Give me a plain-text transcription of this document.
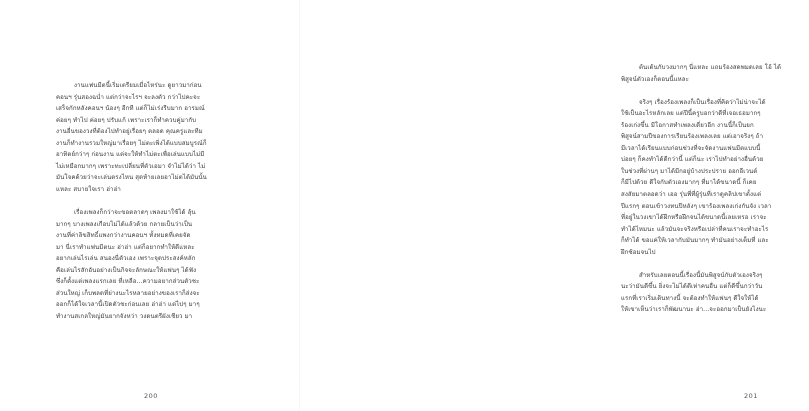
งานแฟนมีตนี้เริ่มเตรียมเมื่อไหร่นะ ดูยาวมาก่อน
คอนฯ รุ่นสองฉน่ำ แต่กว่าจะไรฯ จะลงตัว กว่าไปคะจะ
เสร็จกักหลังคอนฯ น้องๆ อีกที แต่ก็ไม่เร่งรีบมาก อารมณ์
ค่อยๆ ทำไป ค่อยๆ ปรับแก้ เพราะเราก็ทำควบคู่มากับ
งานอื่นของวงที่ต้องไปทำอยู่เรื่อยๆ ตลอด คุณครูและทีม
งานก็ทำงานรวมใหญ่มาเรื่อยๆ ไม่ตะเพิ่งได้แบบสมบูรณ์ก็
อาทิตย์กว่าๆ ก่อนงาน แต่จะให้ทำไม่ตะเพื่อเล่นแบบไม่มี
ไม่เหมือกมากๆ เพราะทะเปลี่ยนที่ตัวเอมา จำไม่ได้ว่า ไม่
มันโจคด้วยว่าจะเล่นตรงไหน สุดท้ายเลยอาไม่ตได้มันนั้น
แหละ สบายใจเรา ฮ่าฮ่า

เรื่องเพลงก็กว่าจะขอตลาดๆ เพลงมาใช้ได้ ลุ้น
มากๆ บางเพลงเกือบไม่ได้แล้วด้วย กลายเป็นว่าเป็น
งานที่ค่าลิขสิทธิ์แพงกว่างานคอนฯ ทั้งหมดที่เคยจัด
มา นี่เราทำแฟนมีตนะ ฮ่าฮ่า แต่ก็อยากทำให้ดีแหละ
อยากเล่นไรเล่น สนองนี่ตัวเอง เพราะจุดประสงค์หลัก
คือเล่นไรสักอันอย่างเป็นกิจจะลักษณะให้แฟนๆ ได้ฟัง
ซึ่งก็ตั้งแต่เพลงแรกเลย ที่เหลือ...ความอยากส่วนตัวชะ
ส่วนใหญ่ เก็บพลดที่ย่างนะไรหลายอย่างของเราก็ส่งจะ
ออกก็ได้ใจเวลานี้เปิดตัวชะก่อนเลย ฮ่าฮ่า แต่ไปๆ มาๆ
ทำงานสเกลใหญ่มันยากจังหว่า วงดนตรีผังเชียว มา

200

ต้นเต้นกับวงมากๆ นี่แหละ แถมร้องสดพมดเลย โอ้ ได้
พิสูจน์ตัวเองก็ตอนนี้แหละ

จริงๆ เรื่องร้องเพลงก็เป็นเรื่องที่คิดว่าไม่น่าจะได้
ใช้เป็นอะไรหลักเลย แต่ปีนี้ครูบอกว่าดีที่เจอเธอมากๆ
ร้องเก่งขึ้น มีโอกาสทำเพลงเดี่ยวอีก งานนี้ก็เป็นยก
พิสูจน์สามปีของการเรียนร้องเพลงเลย แต่เอาจริงๆ ถ้า
มีเวลาได้เรียนแบบก่อนช่วงที่จะจัดงานแฟนมีตแบบนี้
บ่อยๆ ก็คงทำได้ดีกว่านี้ แต่ก็นะ เราไปทำอย่างอื่นด้วย
ในช่วงที่ผ่านๆ มาได้มีกอยู่บ้างประปราย ออกอีเวนต์
ก็มีไปด้วย ดีใจกับตัวเองมากๆ ที่มาได้ขนาดนี้ ก็เคย
สงสัยมาตลอดว่า เออ รุ่นพี่ที่ผู้รุ่นที่เราดูคลิปเขาตั้งแต่
ปีแรกๆ ตอนเข้าวงทนปีหลังๆ เขาร้องเพลงเก่งกันจัง เวลา
ที่อยู่ในวงเขาได้ฝึกหรือฝึกจนได้ขนาดนี้เลยเหรอ เราจะ
ทำได้ไหมนะ แล้วมันจะจริงหรือเปล่าที่คนเราจะทำอะไร
ก็ทำได้ ขอแค่ให้เวลากับมันมากๆ ทำมันอย่างเต็มที่ และ
ฝึกซ้อมจนไป

สำหรับเลยตอนนี้เรื่องนี้มันพิสูจน์กับตัวเองจริงๆ
นะว่ามันดีขึ้น ยิ่งจะไม่ได้ดีเท่าคนอื่น แต่ก็ดีขึ้นกว่าวัน
แรกที่เราเริ่มเดินทางนี้ จะต้องทำให้แฟนๆ ดีใจให้ได้
ให้เขาเห็นว่าเราก็พัฒนานะ ฮ่า...จะออกมาเป็นยังไงนะ

201
